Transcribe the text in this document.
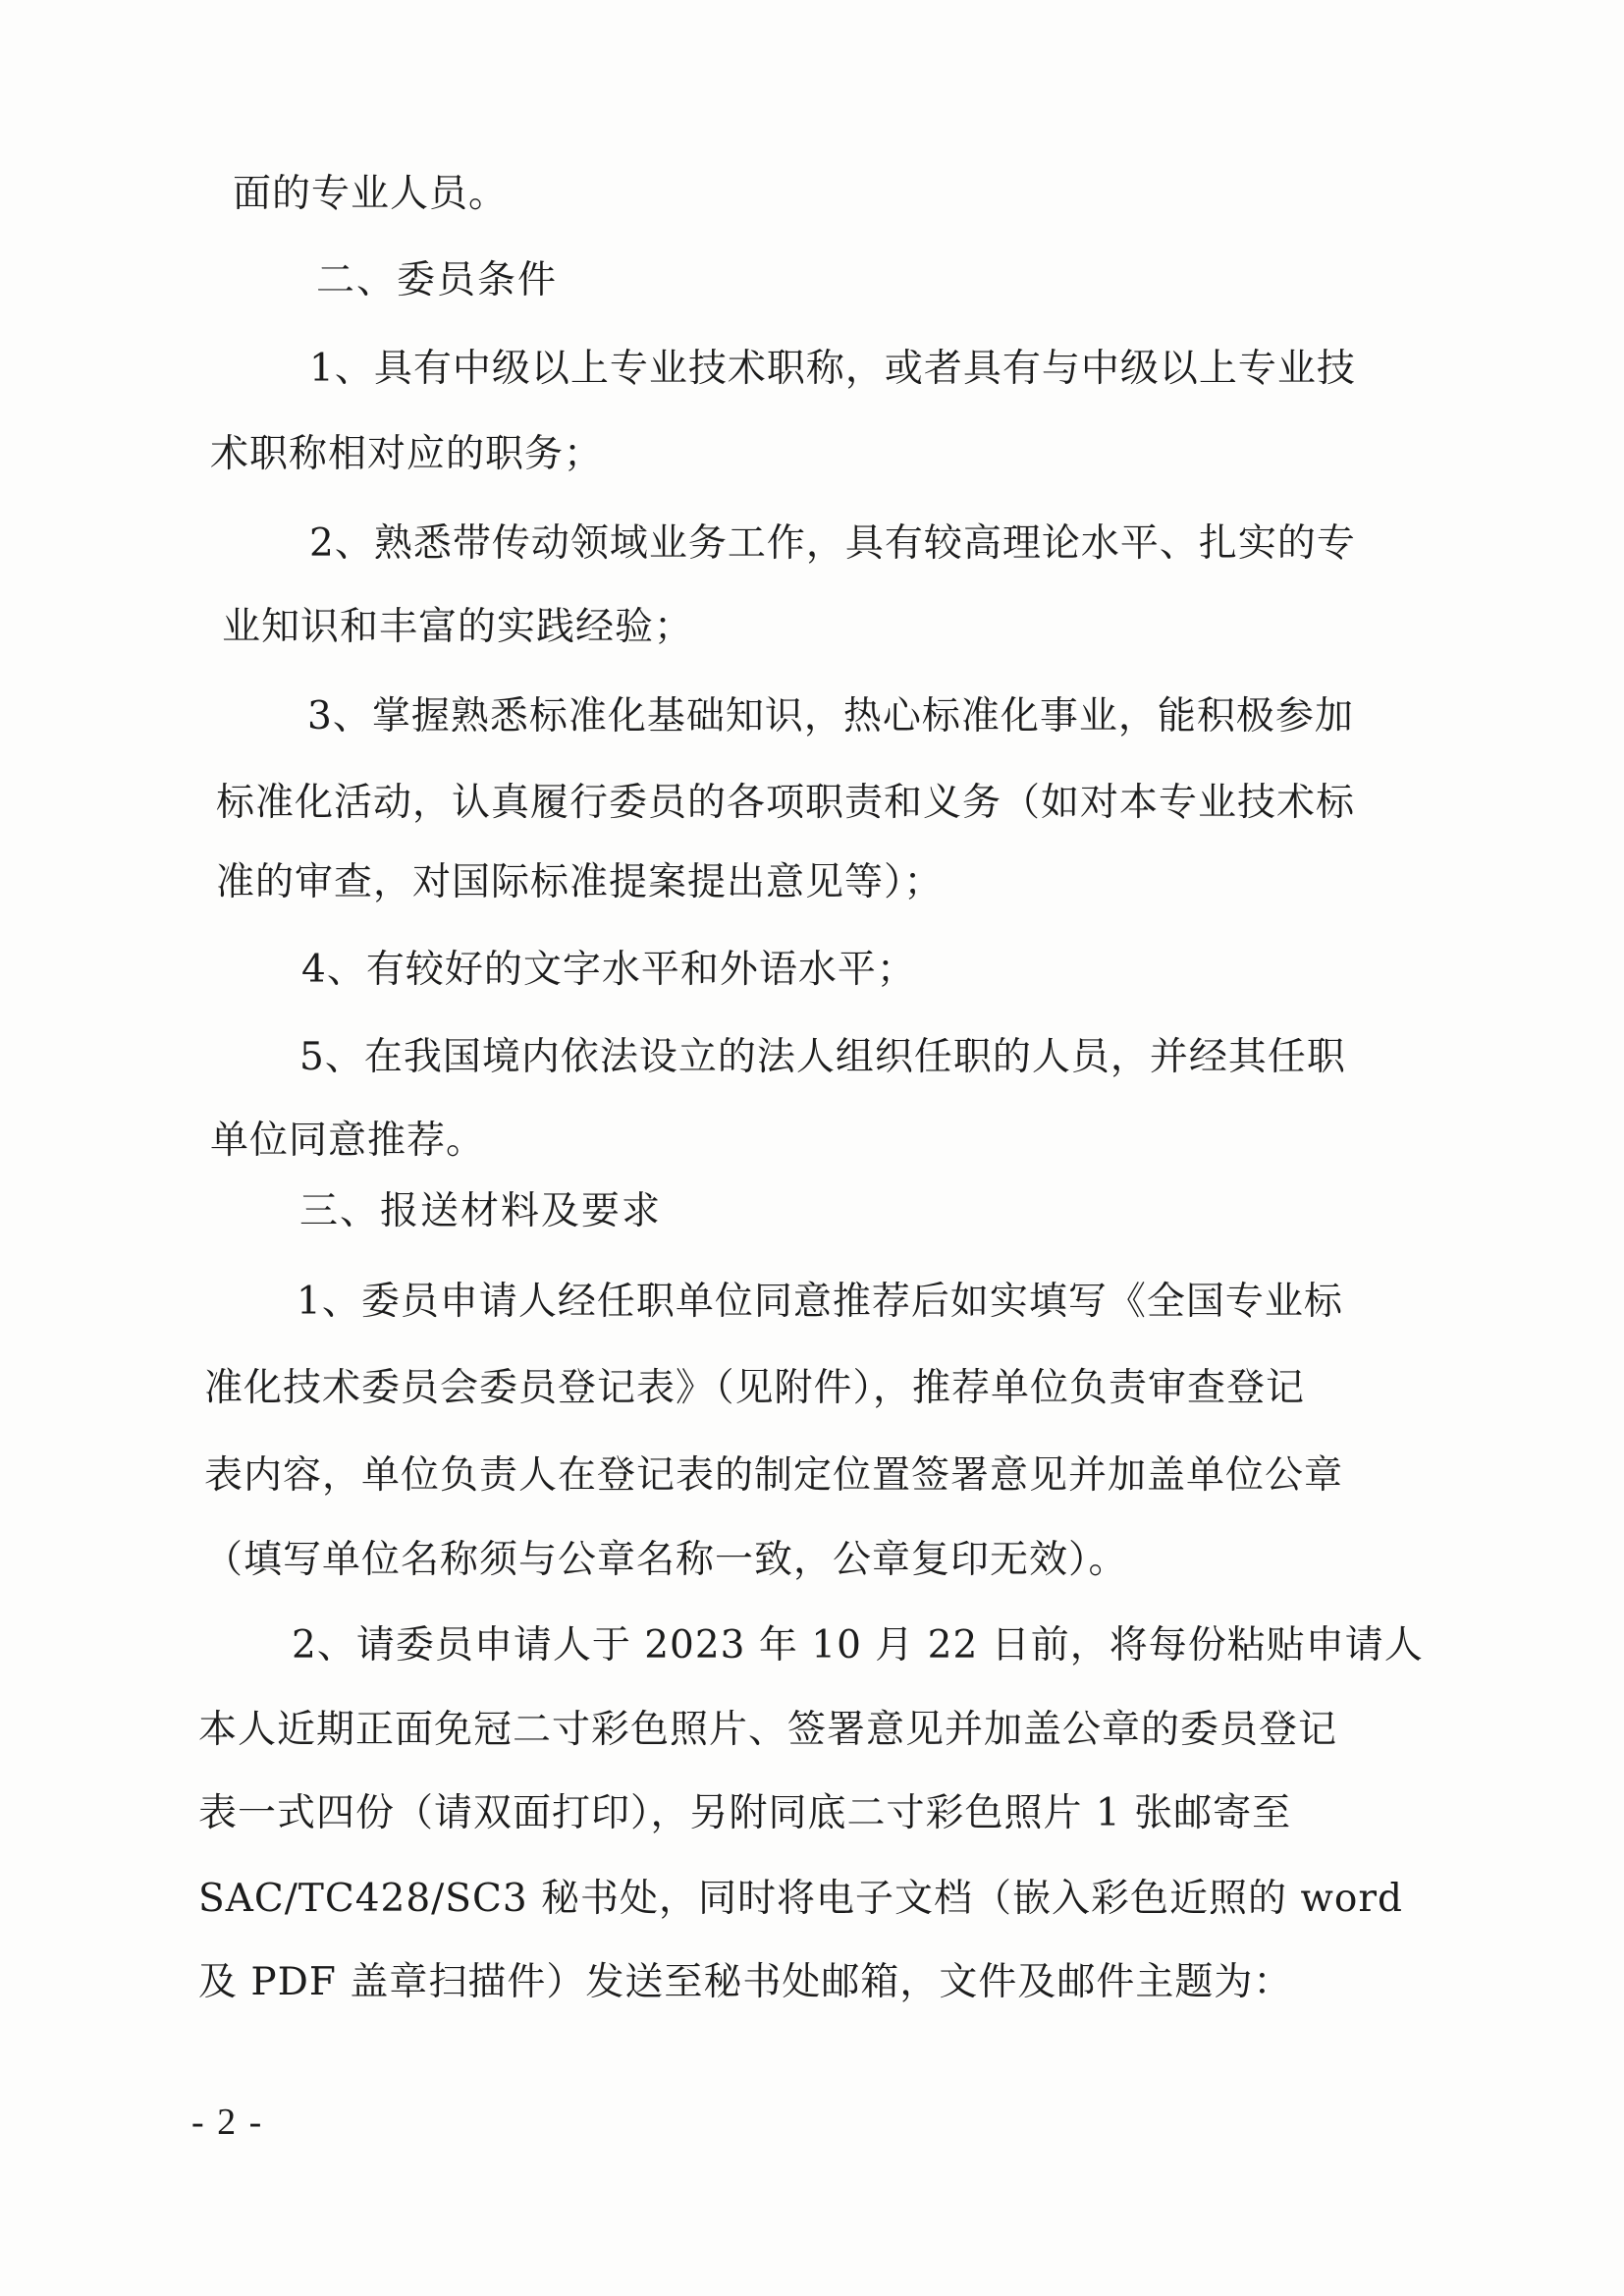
面的专业人员。
二、委员条件
1、具有中级以上专业技术职称，或者具有与中级以上专业技
术职称相对应的职务；
2、熟悉带传动领域业务工作，具有较高理论水平、扎实的专
业知识和丰富的实践经验；
3、掌握熟悉标准化基础知识，热心标准化事业，能积极参加
标准化活动，认真履行委员的各项职责和义务（如对本专业技术标
准的审查，对国际标准提案提出意见等）；
4、有较好的文字水平和外语水平；
5、在我国境内依法设立的法人组织任职的人员，并经其任职
单位同意推荐。
三、报送材料及要求
1、委员申请人经任职单位同意推荐后如实填写《全国专业标
准化技术委员会委员登记表》（见附件），推荐单位负责审查登记
表内容，单位负责人在登记表的制定位置签署意见并加盖单位公章
（填写单位名称须与公章名称一致，公章复印无效）。
2、请委员申请人于 2023 年 10 月 22 日前，将每份粘贴申请人
本人近期正面免冠二寸彩色照片、签署意见并加盖公章的委员登记
表一式四份（请双面打印），另附同底二寸彩色照片 1 张邮寄至
SAC/TC428/SC3 秘书处，同时将电子文档（嵌入彩色近照的 word
及 PDF 盖章扫描件）发送至秘书处邮箱，文件及邮件主题为：
- 2 -
